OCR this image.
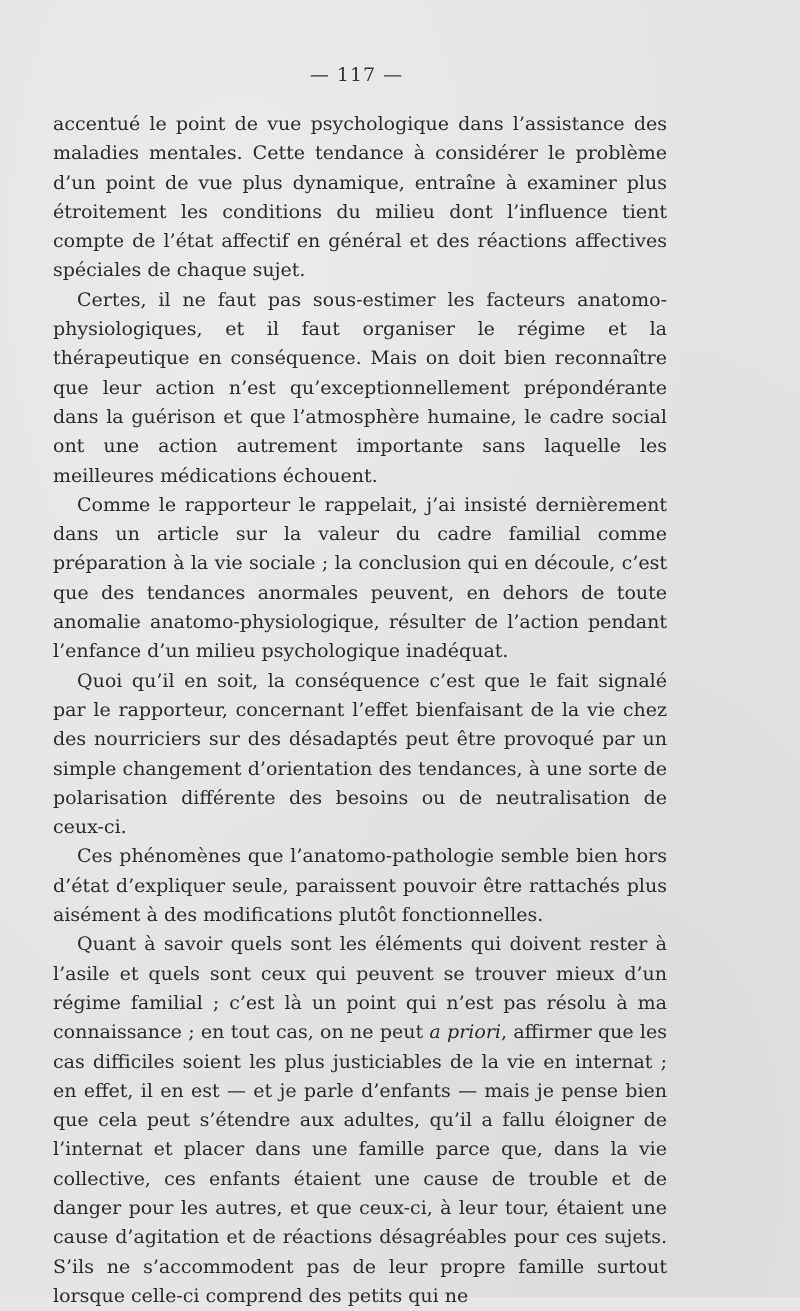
— 117 —

accentué le point de vue psychologique dans l’assistance des maladies mentales. Cette tendance à considérer le problème d’un point de vue plus dynamique, entraîne à examiner plus étroitement les conditions du milieu dont l’influence tient compte de l’état affectif en général et des réactions affectives spéciales de chaque sujet.

Certes, il ne faut pas sous-estimer les facteurs anatomo-physiologiques, et il faut organiser le régime et la thérapeutique en conséquence. Mais on doit bien reconnaître que leur action n’est qu’exceptionnellement prépondérante dans la guérison et que l’atmosphère humaine, le cadre social ont une action autrement importante sans laquelle les meilleures médications échouent.

Comme le rapporteur le rappelait, j’ai insisté dernièrement dans un article sur la valeur du cadre familial comme préparation à la vie sociale ; la conclusion qui en découle, c’est que des tendances anormales peuvent, en dehors de toute anomalie anatomo-physiologique, résulter de l’action pendant l’enfance d’un milieu psychologique inadéquat.

Quoi qu’il en soit, la conséquence c’est que le fait signalé par le rapporteur, concernant l’effet bienfaisant de la vie chez des nourriciers sur des désadaptés peut être provoqué par un simple changement d’orientation des tendances, à une sorte de polarisation différente des besoins ou de neutralisation de ceux-ci.

Ces phénomènes que l’anatomo-pathologie semble bien hors d’état d’expliquer seule, paraissent pouvoir être rattachés plus aisément à des modifications plutôt fonctionnelles.

Quant à savoir quels sont les éléments qui doivent rester à l’asile et quels sont ceux qui peuvent se trouver mieux d’un régime familial ; c’est là un point qui n’est pas résolu à ma connaissance ; en tout cas, on ne peut a priori, affirmer que les cas difficiles soient les plus justiciables de la vie en internat ; en effet, il en est — et je parle d’enfants — mais je pense bien que cela peut s’étendre aux adultes, qu’il a fallu éloigner de l’internat et placer dans une famille parce que, dans la vie collective, ces enfants étaient une cause de trouble et de danger pour les autres, et que ceux-ci, à leur tour, étaient une cause d’agitation et de réactions désagréables pour ces sujets. S’ils ne s’accommodent pas de leur propre famille surtout lorsque celle-ci comprend des petits qui ne
